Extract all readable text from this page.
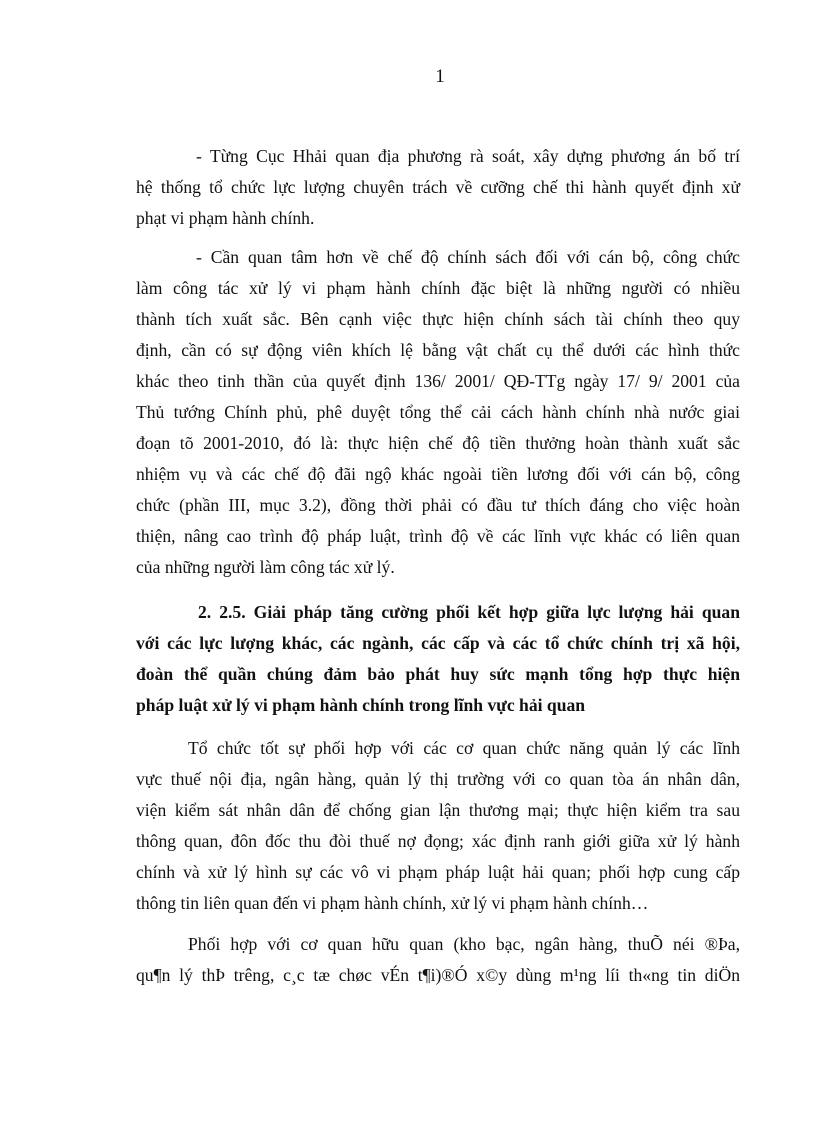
1
- Từng Cục Hhải quan địa phương rà soát, xây dựng phương án bố trí
hệ thống tổ chức lực lượng chuyên trách về cưỡng chế thi hành quyết định xử
phạt vi phạm hành chính.
- Cần quan tâm hơn về chế độ chính sách đối với cán bộ, công chức
làm công tác xử lý vi phạm hành chính đặc biệt là những người có nhiều
thành tích xuất sắc. Bên cạnh việc thực hiện chính sách tài chính theo quy
định, cần có sự động viên khích lệ bằng vật chất cụ thể dưới các hình thức
khác theo tinh thần của quyết định 136/ 2001/ QĐ-TTg ngày 17/ 9/ 2001 của
Thủ tướng Chính phủ, phê duyệt tổng thể cải cách hành chính nhà nước giai
đoạn tõ 2001-2010, đó là: thực hiện chế độ tiền thưởng hoàn thành xuất sắc
nhiệm vụ và các chế độ đãi ngộ khác ngoài tiền lương đối với cán bộ, công
chức (phần III, mục 3.2), đồng thời phải có đầu tư thích đáng cho việc hoàn
thiện, nâng cao trình độ pháp luật, trình độ về các lĩnh vực khác có liên quan
của những người làm công tác xử lý.
2. 2.5. Giải pháp tăng cường phối kết hợp giữa lực lượng hải quan
với các lực lượng khác, các ngành, các cấp và các tổ chức chính trị xã hội,
đoàn thể quần chúng đảm bảo phát huy sức mạnh tổng hợp thực hiện
pháp luật xử lý vi phạm hành chính trong lĩnh vực hải quan
Tổ chức tốt sự phối hợp với các cơ quan chức năng quản lý các lĩnh
vực thuế nội địa, ngân hàng, quản lý thị trường với co quan tòa án nhân dân,
viện kiểm sát nhân dân để chống gian lận thương mại; thực hiện kiểm tra sau
thông quan, đôn đốc thu đòi thuế nợ đọng; xác định ranh giới giữa xử lý hành
chính và xử lý hình sự các vô vi phạm pháp luật hải quan; phối hợp cung cấp
thông tin liên quan đến vi phạm hành chính, xử lý vi phạm hành chính…
Phối hợp với cơ quan hữu quan (kho bạc, ngân hàng, thuÕ néi ®Þa,
qu¶n lý thÞ trêng, c¸c tæ chøc vÉn t¶i)®Ó x©y dùng m¹ng líi th«ng tin diÖn
